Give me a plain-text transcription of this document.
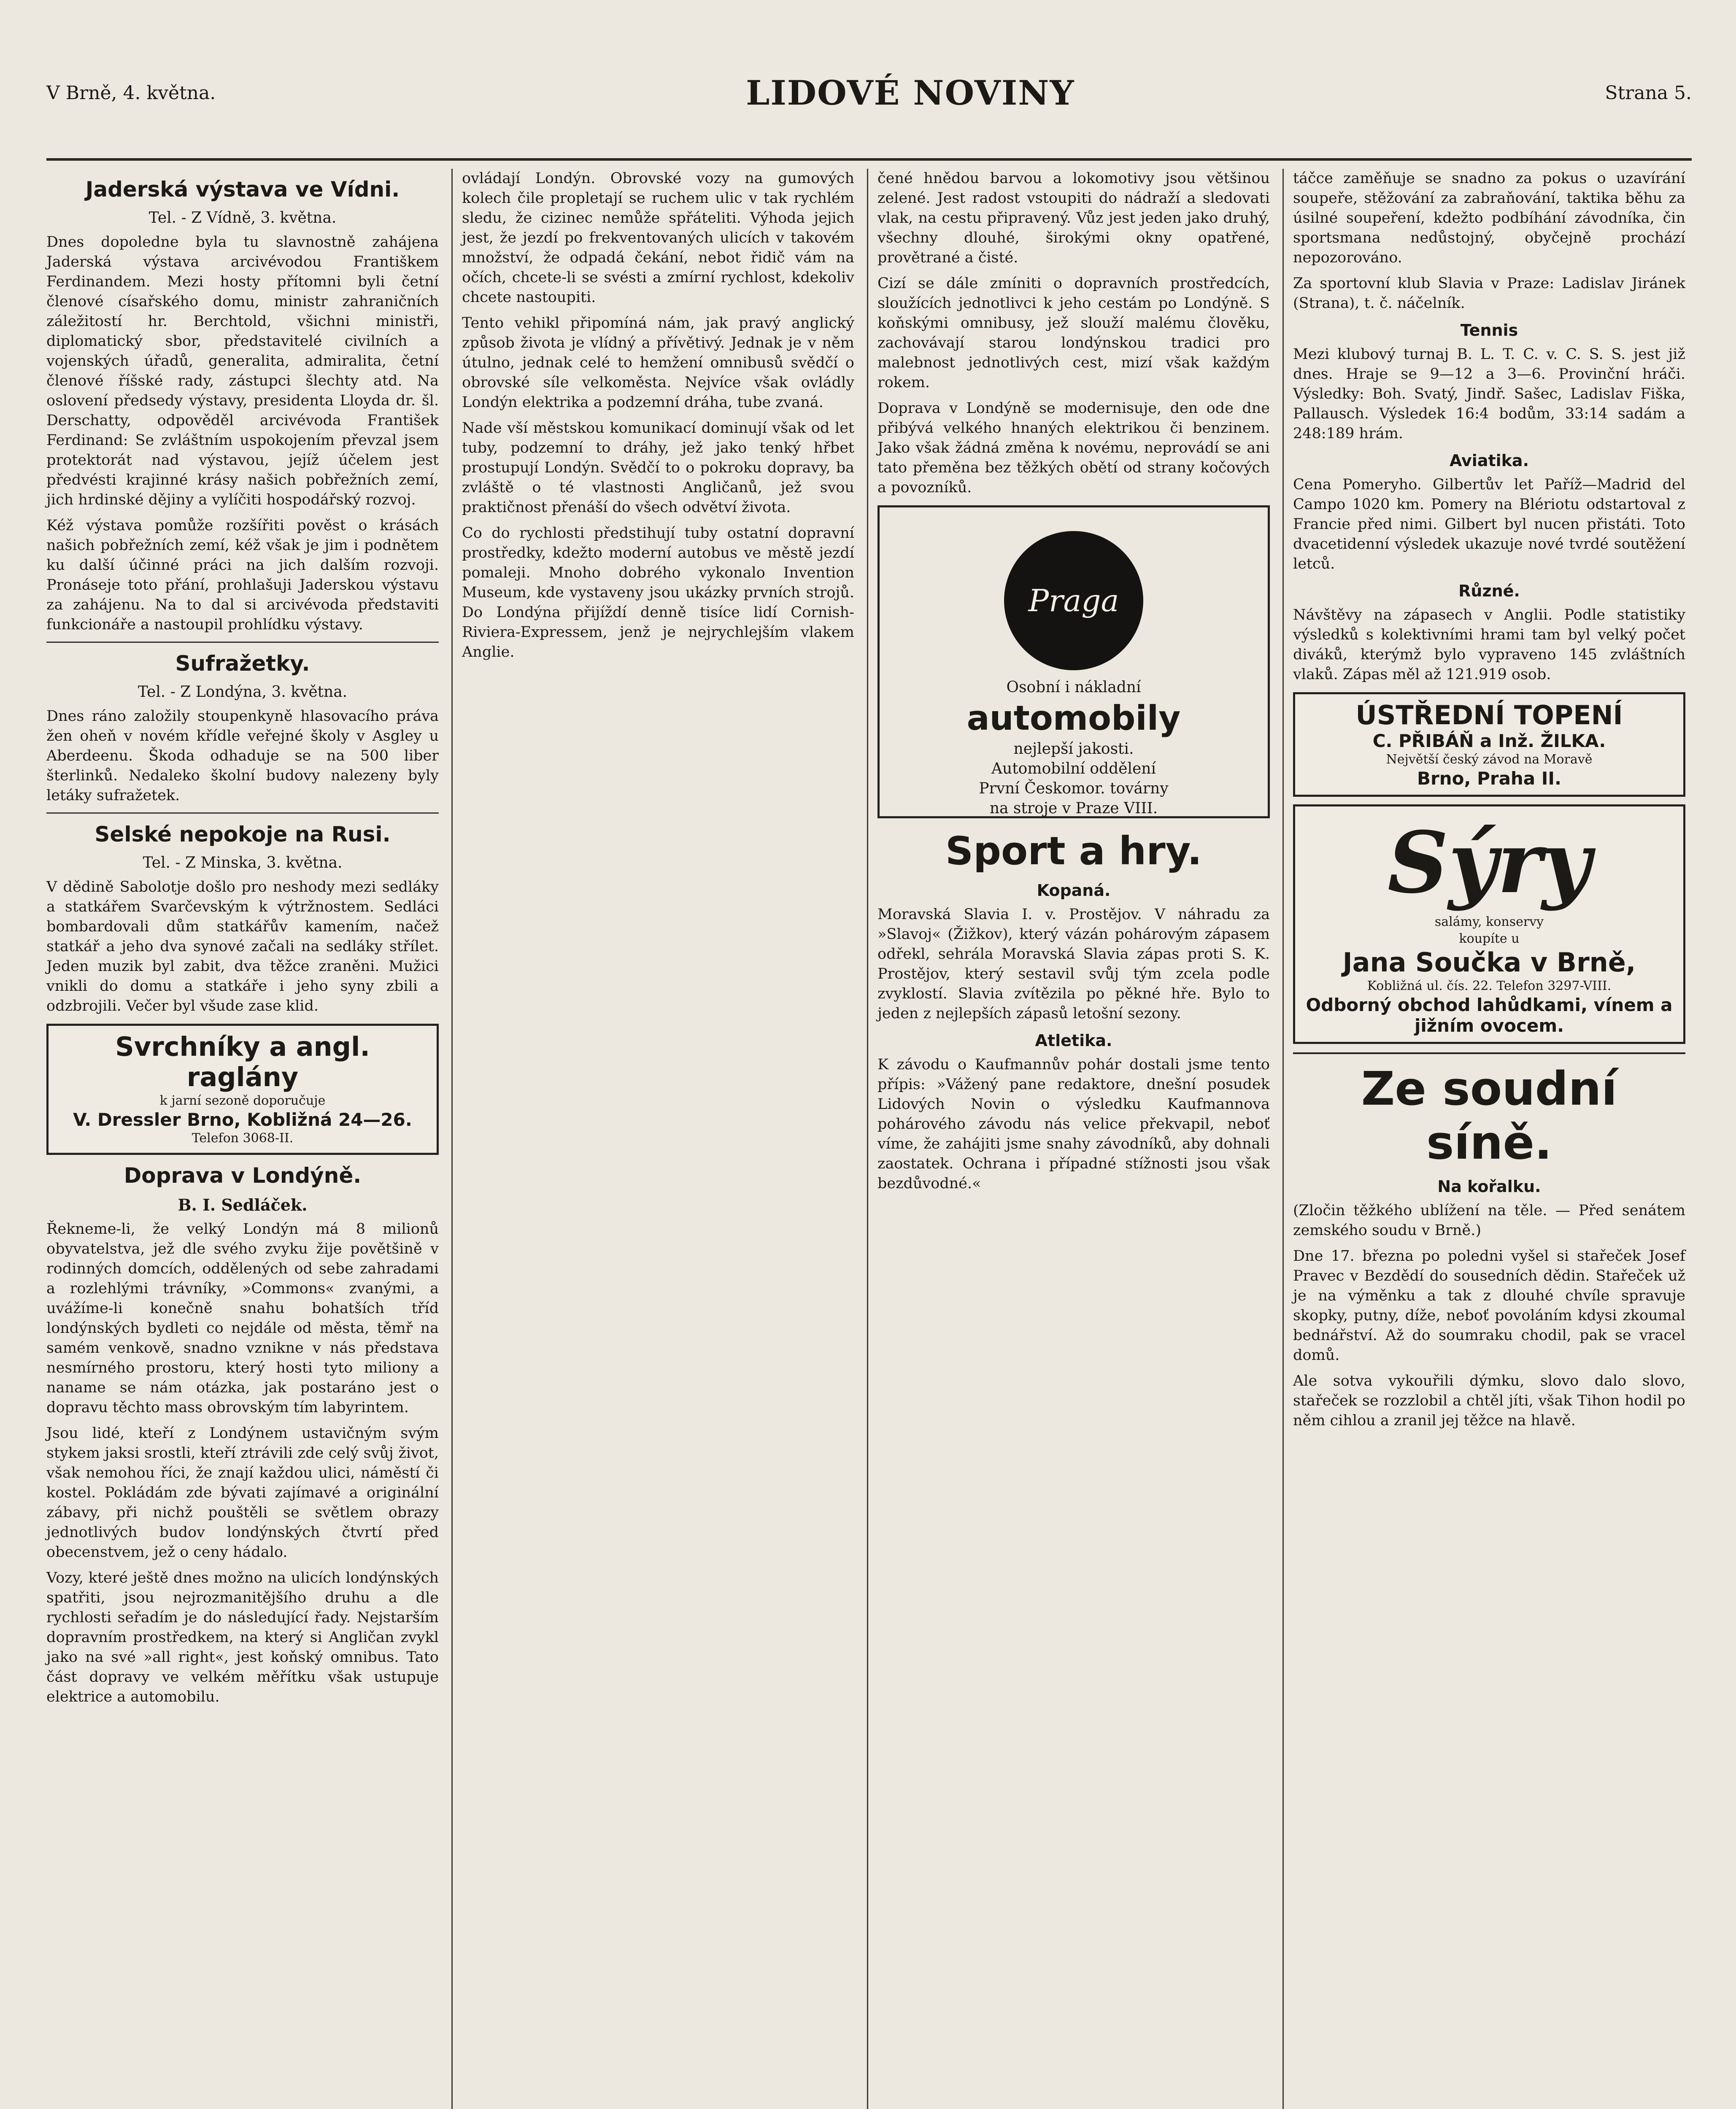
V Brně, 4. května.	LIDOVÉ NOVINY	Strana 5.
Jaderská výstava ve Vídni.
Tel. - Z Vídně, 3. května.

Dnes dopoledne byla tu slavnostně zahájena Jaderská výstava arcivévodou Františkem Ferdinandem. Mezi hosty přítomni byli četní členové císařského domu, ministr zahraničních záležitostí hr. Berchtold, všichni ministři, diplomatický sbor, představitelé civilních a vojenských úřadů, generalita, admiralita, četní členové říšské rady, zástupci šlechty atd. Na oslovení předsedy výstavy, presidenta Lloyda dr. šl. Derschatty, odpověděl arcivévoda František Ferdinand: Se zvláštním uspokojením převzal jsem protektorát nad výstavou, jejíž účelem jest předvésti krajinné krásy našich pobřežních zemí, jich hrdinské dějiny a vylíčiti hospodářský rozvoj.

Kéž výstava pomůže rozšířiti pověst o krásách našich pobřežních zemí, kéž však je jim i podnětem ku další účinné práci na jich dalším rozvoji. Pronáseje toto přání, prohlašuji Jaderskou výstavu za zahájenu. Na to dal si arcivévoda představiti funkcionáře a nastoupil prohlídku výstavy.

Sufražetky.
Tel. - Z Londýna, 3. května.

Dnes ráno založily stoupenkyně hlasovacího práva žen oheň v novém křídle veřejné školy v Asgley u Aberdeenu. Škoda odhaduje se na 500 liber šterlinků. Nedaleko školní budovy nalezeny byly letáky sufražetek.

Selské nepokoje na Rusi.
Tel. - Z Minska, 3. května.

V dědině Sabolotje došlo pro neshody mezi sedláky a statkářem Svarčevským k výtržnostem. Sedláci bombardovali dům statkářův kamením, načež statkář a jeho dva synové začali na sedláky střílet. Jeden muzik byl zabit, dva těžce zraněni. Mužici vnikli do domu a statkáře i jeho syny zbili a odzbrojili. Večer byl všude zase klid.

Svrchníky a angl. raglány
k jarní sezoně doporučuje
V. Dressler Brno, Kobližná 24—26.
Telefon 3068-II.
Doprava v Londýně.
B. I. Sedláček.

Řekneme-li, že velký Londýn má 8 milionů obyvatelstva, jež dle svého zvyku žije povětšině v rodinných domcích, oddělených od sebe zahradami a rozlehlými trávníky, »Commons« zvanými, a uvážíme-li konečně snahu bohatších tříd londýnských bydleti co nejdále od města, těmř na samém venkově, snadno vznikne v nás představa nesmírného prostoru, který hosti tyto miliony a naname se nám otázka, jak postaráno jest o dopravu těchto mass obrovským tím labyrintem.

Jsou lidé, kteří z Londýnem ustavičným svým stykem jaksi srostli, kteří ztrávili zde celý svůj život, však nemohou říci, že znají každou ulici, náměstí či kostel. Pokládám zde bývati zajímavé a originální zábavy, při nichž pouštěli se světlem obrazy jednotlivých budov londýnských čtvrtí před obecenstvem, jež o ceny hádalo.

Vozy, které ještě dnes možno na ulicích londýnských spatřiti, jsou nejrozmanitějšího druhu a dle rychlosti seřadím je do následující řady. Nejstarším dopravním prostředkem, na který si Angličan zvykl jako na své »all right«, jest koňský omnibus. Tato část dopravy ve velkém měřítku však ustupuje elektrice a automobilu.

ovládají Londýn. Obrovské vozy na gumových kolech čile propletají se ruchem ulic v tak rychlém sledu, že cizinec nemůže spřáteliti. Výhoda jejich jest, že jezdí po frekventovaných ulicích v takovém množství, že odpadá čekání, nebot řidič vám na očích, chcete-li se svésti a zmírní rychlost, kdekoliv chcete nastoupiti.

Tento vehikl připomíná nám, jak pravý anglický způsob života je vlídný a přívětivý. Jednak je v něm útulno, jednak celé to hemžení omnibusů svědčí o obrovské síle velkoměsta. Nejvíce však ovládly Londýn elektrika a podzemní dráha, tube zvaná.

Nade vší městskou komunikací dominují však od let tuby, podzemní to dráhy, jež jako tenký hřbet prostupují Londýn. Svědčí to o pokroku dopravy, ba zvláště o té vlastnosti Angličanů, jež svou praktičnost přenáší do všech odvětví života.

Co do rychlosti předstihují tuby ostatní dopravní prostředky, kdežto moderní autobus ve městě jezdí pomaleji. Mnoho dobrého vykonalo Invention Museum, kde vystaveny jsou ukázky prvních strojů. Do Londýna přijíždí denně tisíce lidí Cornish-Riviera-Expressem, jenž je nejrychlejším vlakem Anglie.

čené hnědou barvou a lokomotivy jsou většinou zelené. Jest radost vstoupiti do nádraží a sledovati vlak, na cestu připravený. Vůz jest jeden jako druhý, všechny dlouhé, širokými okny opatřené, provětrané a čisté.

Cizí se dále zmíniti o dopravních prostředcích, sloužících jednotlivci k jeho cestám po Londýně. S koňskými omnibusy, jež slouží malému člověku, zachovávají starou londýnskou tradici pro malebnost jednotlivých cest, mizí však každým rokem.

Doprava v Londýně se modernisuje, den ode dne přibývá velkého hnaných elektrikou či benzinem. Jako však žádná změna k novému, neprovádí se ani tato přeměna bez těžkých obětí od strany kočových a povozníků.

Praga
Osobní i nákladní
automobily
nejlepší jakosti.
Automobilní oddělení
První Českomor. továrny
na stroje v Praze VIII.
Sport a hry.
Kopaná.

Moravská Slavia I. v. Prostějov. V náhradu za »Slavoj« (Žižkov), který vázán pohárovým zápasem odřekl, sehrála Moravská Slavia zápas proti S. K. Prostějov, který sestavil svůj tým zcela podle zvyklostí. Slavia zvítězila po pěkné hře. Bylo to jeden z nejlepších zápasů letošní sezony.

Atletika.

K závodu o Kaufmannův pohár dostali jsme tento přípis: »Vážený pane redaktore, dnešní posudek Lidových Novin o výsledku Kaufmannova pohárového závodu nás velice překvapil, neboť víme, že zahájiti jsme snahy závodníků, aby dohnali zaostatek. Ochrana i případné stížnosti jsou však bezdůvodné.«

táčce zaměňuje se snadno za pokus o uzavírání soupeře, stěžování za zabraňování, taktika běhu za úsilné soupeření, kdežto podbíhání závodníka, čin sportsmana nedůstojný, obyčejně prochází nepozorováno.

Za sportovní klub Slavia v Praze: Ladislav Jiránek (Strana), t. č. náčelník.

Tennis

Mezi klubový turnaj B. L. T. C. v. C. S. S. jest již dnes. Hraje se 9—12 a 3—6. Provinční hráči. Výsledky: Boh. Svatý, Jindř. Sašec, Ladislav Fiška, Pallausch. Výsledek 16:4 bodům, 33:14 sadám a 248:189 hrám.

Aviatika.

Cena Pomeryho. Gilbertův let Paříž—Madrid del Campo 1020 km. Pomery na Blériotu odstartoval z Francie před nimi. Gilbert byl nucen přistáti. Toto dvacetidenní výsledek ukazuje nové tvrdé soutěžení letců.

Různé.

Návštěvy na zápasech v Anglii. Podle statistiky výsledků s kolektivními hrami tam byl velký počet diváků, kterýmž bylo vypraveno 145 zvláštních vlaků. Zápas měl až 121.919 osob.

ÚSTŘEDNÍ TOPENÍ
C. PŘIBÁŇ a Inž. ŽILKA.
Největší český závod na Moravě
Brno, Praha II.
Sýry
salámy, konservy
koupíte u
Jana Součka v Brně,
Kobližná ul. čís. 22. Telefon 3297-VIII.
Odborný obchod lahůdkami, vínem a jižním ovocem.
Ze soudní síně.
Na kořalku.

(Zločin těžkého ublížení na těle. — Před senátem zemského soudu v Brně.)

Dne 17. března po poledni vyšel si stařeček Josef Pravec v Bezdědí do sousedních dědin. Stařeček už je na výměnku a tak z dlouhé chvíle spravuje skopky, putny, díže, neboť povoláním kdysi zkoumal bednářství. Až do soumraku chodil, pak se vracel domů.

Ale sotva vykouřili dýmku, slovo dalo slovo, stařeček se rozzlobil a chtěl jíti, však Tihon hodil po něm cihlou a zranil jej těžce na hlavě.
